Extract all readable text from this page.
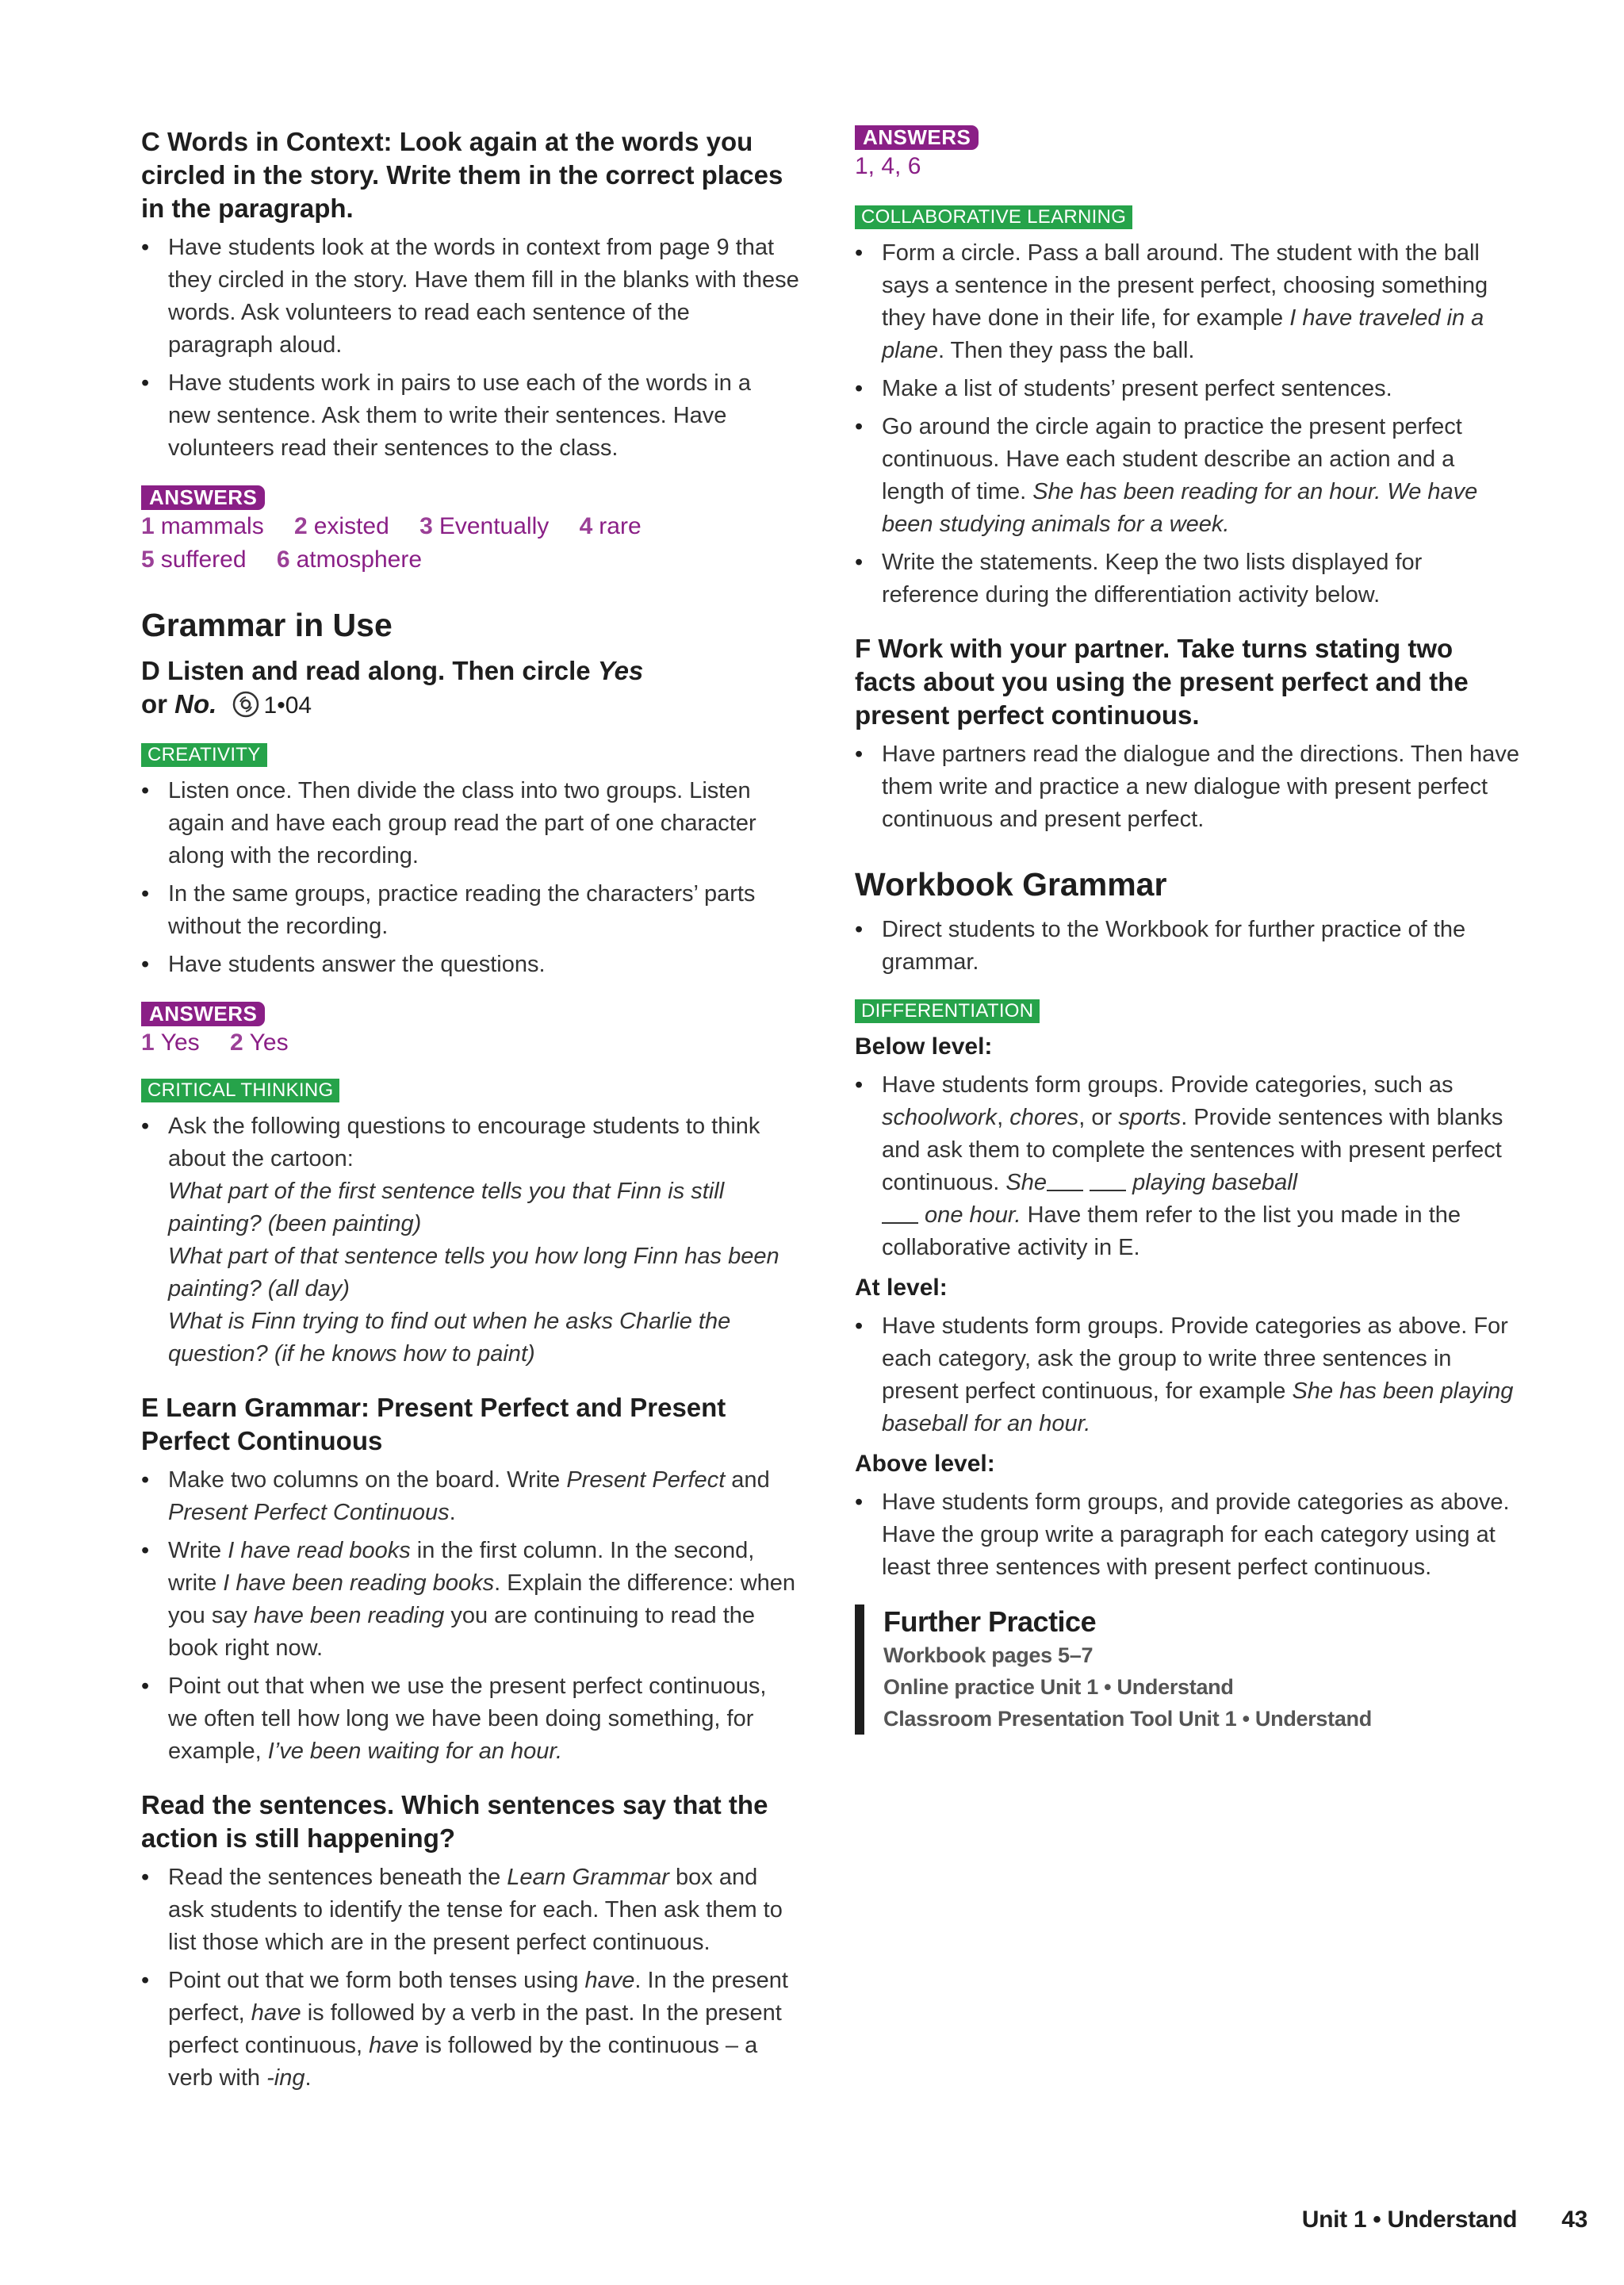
C Words in Context: Look again at the words you circled in the story. Write them in the correct places in the paragraph.
• Have students look at the words in context from page 9 that they circled in the story. Have them fill in the blanks with these words. Ask volunteers to read each sentence of the paragraph aloud.
• Have students work in pairs to use each of the words in a new sentence. Ask them to write their sentences. Have volunteers read their sentences to the class.
ANSWERS
1 mammals 2 existed 3 Eventually 4 rare
5 suffered 6 atmosphere
Grammar in Use
D Listen and read along. Then circle Yes
or No. 1•04
CREATIVITY
• Listen once. Then divide the class into two groups. Listen again and have each group read the part of one character along with the recording.
• In the same groups, practice reading the characters’ parts without the recording.
• Have students answer the questions.
ANSWERS
1 Yes 2 Yes
CRITICAL THINKING
• Ask the following questions to encourage students to think about the cartoon:
What part of the first sentence tells you that Finn is still painting? (been painting)
What part of that sentence tells you how long Finn has been painting? (all day)
What is Finn trying to find out when he asks Charlie the question? (if he knows how to paint)
E Learn Grammar: Present Perfect and Present Perfect Continuous
• Make two columns on the board. Write Present Perfect and Present Perfect Continuous.
• Write I have read books in the first column. In the second, write I have been reading books. Explain the difference: when you say have been reading you are continuing to read the book right now.
• Point out that when we use the present perfect continuous, we often tell how long we have been doing something, for example, I’ve been waiting for an hour.
Read the sentences. Which sentences say that the action is still happening?
• Read the sentences beneath the Learn Grammar box and ask students to identify the tense for each. Then ask them to list those which are in the present perfect continuous.
• Point out that we form both tenses using have. In the present perfect, have is followed by a verb in the past. In the present perfect continuous, have is followed by the continuous – a verb with -ing.
ANSWERS
1, 4, 6
COLLABORATIVE LEARNING
• Form a circle. Pass a ball around. The student with the ball says a sentence in the present perfect, choosing something they have done in their life, for example I have traveled in a plane. Then they pass the ball.
• Make a list of students’ present perfect sentences.
• Go around the circle again to practice the present perfect continuous. Have each student describe an action and a length of time. She has been reading for an hour. We have been studying animals for a week.
• Write the statements. Keep the two lists displayed for reference during the differentiation activity below.
F Work with your partner. Take turns stating two facts about you using the present perfect and the present perfect continuous.
• Have partners read the dialogue and the directions. Then have them write and practice a new dialogue with present perfect continuous and present perfect.
Workbook Grammar
• Direct students to the Workbook for further practice of the grammar.
DIFFERENTIATION
Below level:
• Have students form groups. Provide categories, such as schoolwork, chores, or sports. Provide sentences with blanks and ask them to complete the sentences with present perfect continuous. She	playing baseball
one hour. Have them refer to the list you made in the collaborative activity in E.
At level:
• Have students form groups. Provide categories as above. For each category, ask the group to write three sentences in present perfect continuous, for example She has been playing baseball for an hour.
Above level:
• Have students form groups, and provide categories as above. Have the group write a paragraph for each category using at least three sentences with present perfect continuous.
Further Practice
Workbook pages 5–7
Online practice Unit 1 • Understand
Classroom Presentation Tool Unit 1 • Understand
Unit 1 • Understand 43
